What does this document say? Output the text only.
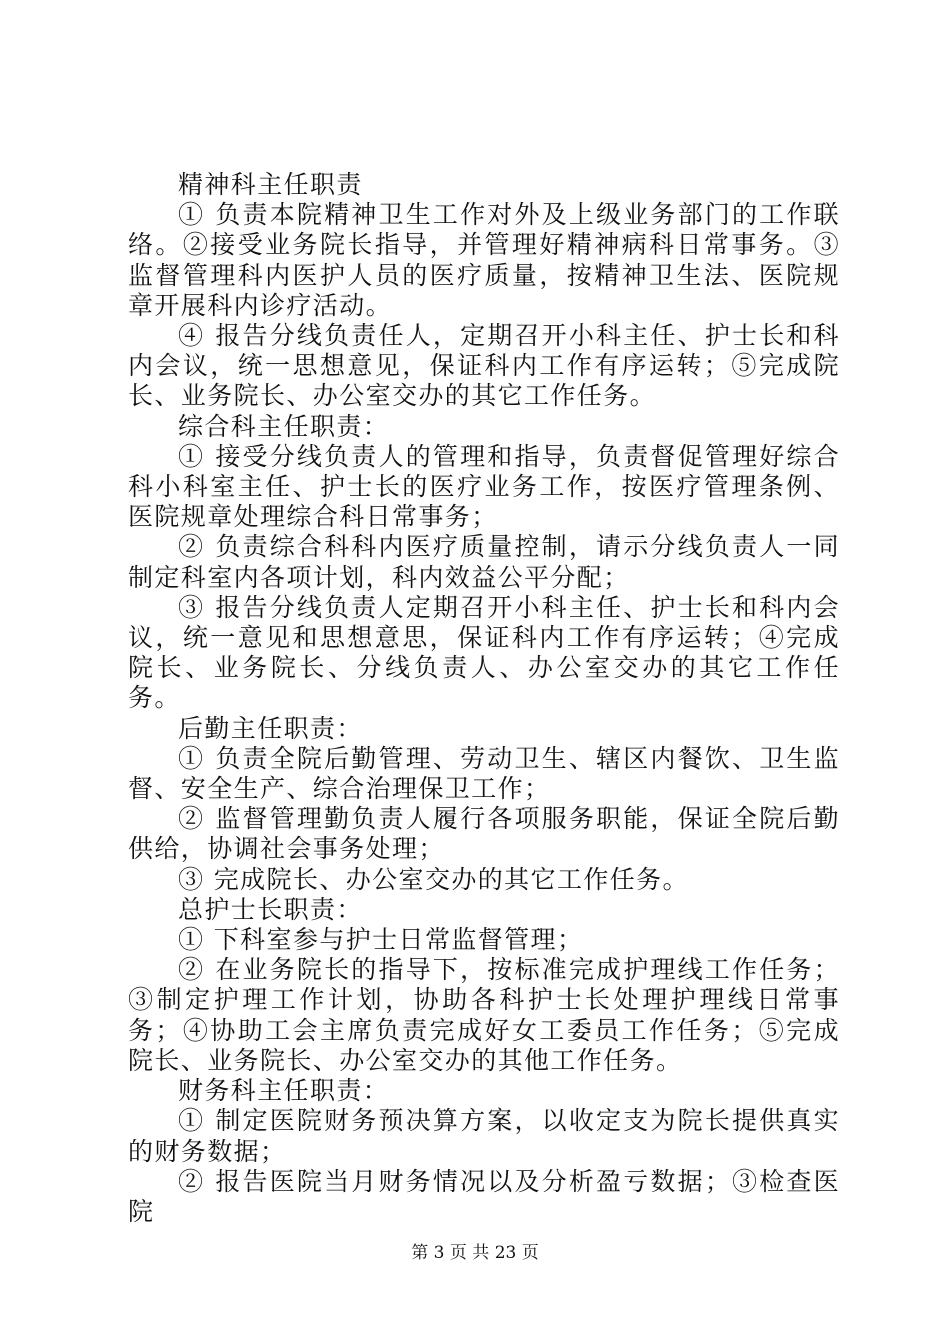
精神科主任职责

① 负责本院精神卫生工作对外及上级业务部门的工作联络。②接受业务院长指导，并管理好精神病科日常事务。③监督管理科内医护人员的医疗质量，按精神卫生法、医院规章开展科内诊疗活动。

④ 报告分线负责任人，定期召开小科主任、护士长和科内会议，统一思想意见，保证科内工作有序运转；⑤完成院长、业务院长、办公室交办的其它工作任务。

综合科主任职责：

① 接受分线负责人的管理和指导，负责督促管理好综合科小科室主任、护士长的医疗业务工作，按医疗管理条例、医院规章处理综合科日常事务；

② 负责综合科科内医疗质量控制，请示分线负责人一同制定科室内各项计划，科内效益公平分配；

③ 报告分线负责人定期召开小科主任、护士长和科内会议，统一意见和思想意思，保证科内工作有序运转；④完成院长、业务院长、分线负责人、办公室交办的其它工作任务。

后勤主任职责：

① 负责全院后勤管理、劳动卫生、辖区内餐饮、卫生监督、安全生产、综合治理保卫工作；

② 监督管理勤负责人履行各项服务职能，保证全院后勤供给，协调社会事务处理；

③ 完成院长、办公室交办的其它工作任务。

总护士长职责：

① 下科室参与护士日常监督管理；

② 在业务院长的指导下，按标准完成护理线工作任务；③制定护理工作计划，协助各科护士长处理护理线日常事务；④协助工会主席负责完成好女工委员工作任务；⑤完成院长、业务院长、办公室交办的其他工作任务。

财务科主任职责：

① 制定医院财务预决算方案，以收定支为院长提供真实的财务数据；

② 报告医院当月财务情况以及分析盈亏数据；③检查医院

第 3 页 共 23 页
